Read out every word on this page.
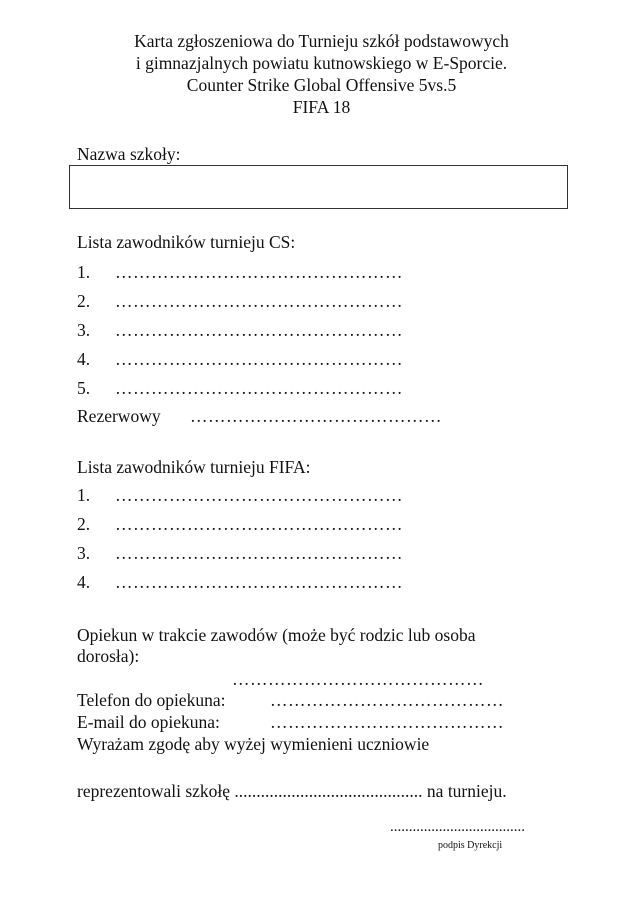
Karta zgłoszeniowa do Turnieju szkół podstawowych
i gimnazjalnych powiatu kutnowskiego w E-Sporcie.
Counter Strike Global Offensive 5vs.5
FIFA 18
Nazwa szkoły:
Lista zawodników turnieju CS:
1. …………………………………………
2. …………………………………………
3. …………………………………………
4. …………………………………………
5. …………………………………………
Rezerwowy ……………………………………
Lista zawodników turnieju FIFA:
1. …………………………………………
2. …………………………………………
3. …………………………………………
4. …………………………………………
Opiekun w trakcie zawodów (może być rodzic lub osoba
dorosła):
……………………………………
Telefon do opiekuna:	…………………………………
E-mail do opiekuna:	…………………………………
Wyrażam zgodę aby wyżej wymienieni uczniowie
reprezentowali szkołę ........................................... na turnieju.
....................................
podpis Dyrekcji
